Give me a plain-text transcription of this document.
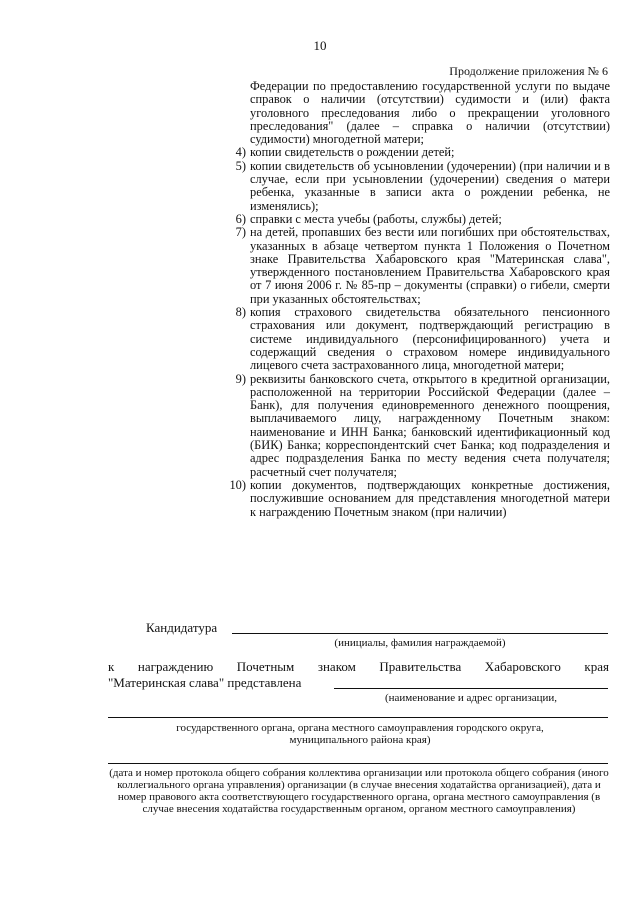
10
Продолжение приложения № 6
Федерации по предоставлению государственной услуги по выдаче справок о наличии (отсутствии) судимости и (или) факта уголовного преследования либо о прекращении уголовного преследования" (далее – справка о наличии (отсутствии) судимости) многодетной матери;
4) копии свидетельств о рождении детей;
5) копии свидетельств об усыновлении (удочерении) (при наличии и в случае, если при усыновлении (удочерении) сведения о матери ребенка, указанные в записи акта о рождении ребенка, не изменялись);
6) справки с места учебы (работы, службы) детей;
7) на детей, пропавших без вести или погибших при обстоятельствах, указанных в абзаце четвертом пункта 1 Положения о Почетном знаке Правительства Хабаровского края "Материнская слава", утвержденного постановлением Правительства Хабаровского края от 7 июня 2006 г. № 85-пр – документы (справки) о гибели, смерти при указанных обстоятельствах;
8) копия страхового свидетельства обязательного пенсионного страхования или документ, подтверждающий регистрацию в системе индивидуального (персонифицированного) учета и содержащий сведения о страховом номере индивидуального лицевого счета застрахованного лица, многодетной матери;
9) реквизиты банковского счета, открытого в кредитной организации, расположенной на территории Российской Федерации (далее – Банк), для получения единовременного денежного поощрения, выплачиваемого лицу, награжденному Почетным знаком: наименование и ИНН Банка; банковский идентификационный код (БИК) Банка; корреспондентский счет Банка; код подразделения и адрес подразделения Банка по месту ведения счета получателя; расчетный счет получателя;
10) копии документов, подтверждающих конкретные достижения, послужившие основанием для представления многодетной матери к награждению Почетным знаком (при наличии)
Кандидатура
(инициалы, фамилия награждаемой)
к награждению Почетным знаком Правительства Хабаровского края
"Материнская слава" представлена
(наименование и адрес организации,
государственного органа, органа местного самоуправления городского округа, муниципального района края)
(дата и номер протокола общего собрания коллектива организации или протокола общего собрания (иного коллегиального органа управления) организации (в случае внесения ходатайства организацией), дата и номер правового акта соответствующего государственного органа, органа местного самоуправления (в случае внесения ходатайства государственным органом, органом местного самоуправления)
